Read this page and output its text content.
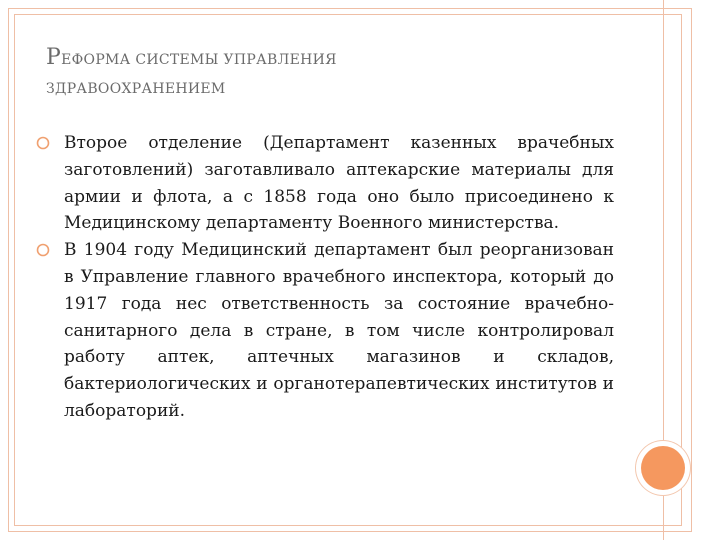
РЕФОРМА СИСТЕМЫ УПРАВЛЕНИЯ
ЗДРАВООХРАНЕНИЕМ
Второе отделение (Департамент казенных врачебных заготовлений) заготавливало аптекарские материалы для армии и флота, а с 1858 года оно было присоединено к Медицинскому департаменту Военного министерства.
В 1904 году Медицинский департамент был реорганизован в Управление главного врачебного инспектора, который до 1917 года нес ответственность за состояние врачебно-санитарного дела в стране, в том числе контролировал работу аптек, аптечных магазинов и складов, бактериологических и органотерапевтических институтов и лабораторий.
